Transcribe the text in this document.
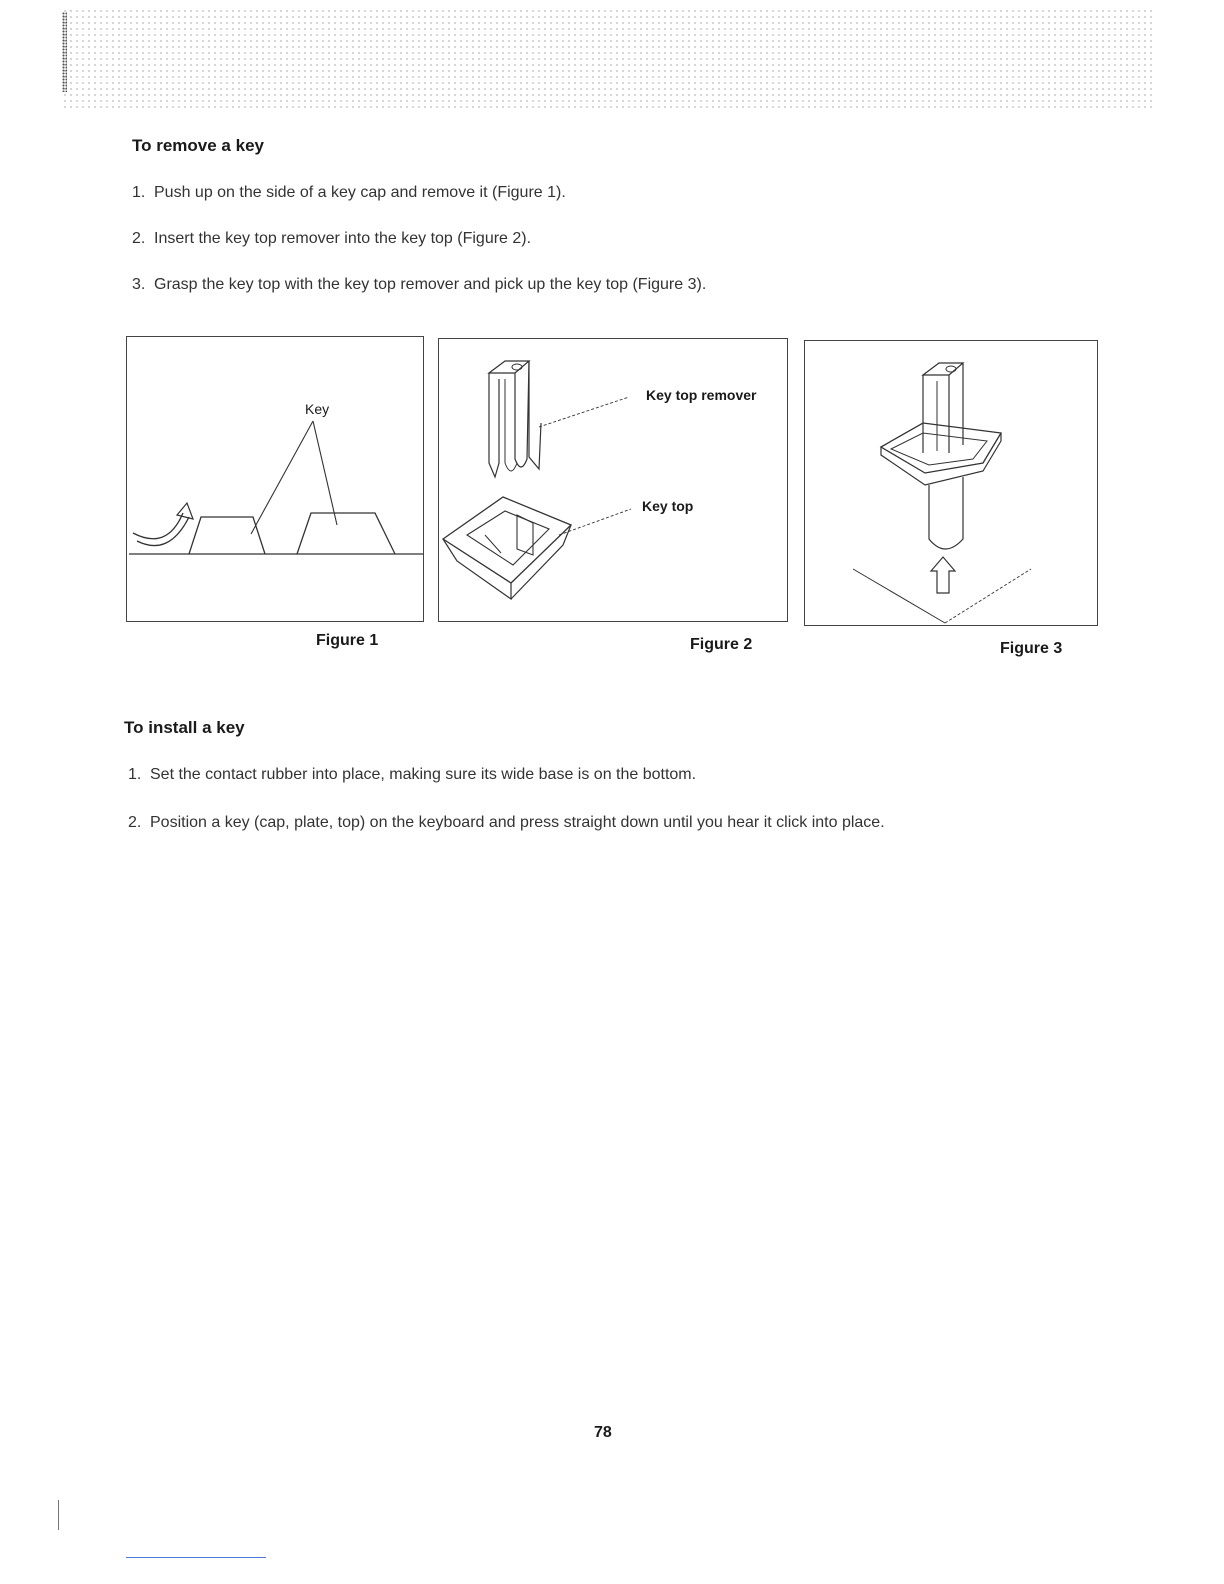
To remove a key

1. Push up on the side of a key cap and remove it (Figure 1).

2. Insert the key top remover into the key top (Figure 2).

3. Grasp the key top with the key top remover and pick up the key top (Figure 3).

Key

Figure 1

Key top remover

Key top

Figure 2	Figure 3

To install a key

1. Set the contact rubber into place, making sure its wide base is on the bottom.

2. Position a key (cap, plate, top) on the keyboard and press straight down until you hear it click into place.

78
